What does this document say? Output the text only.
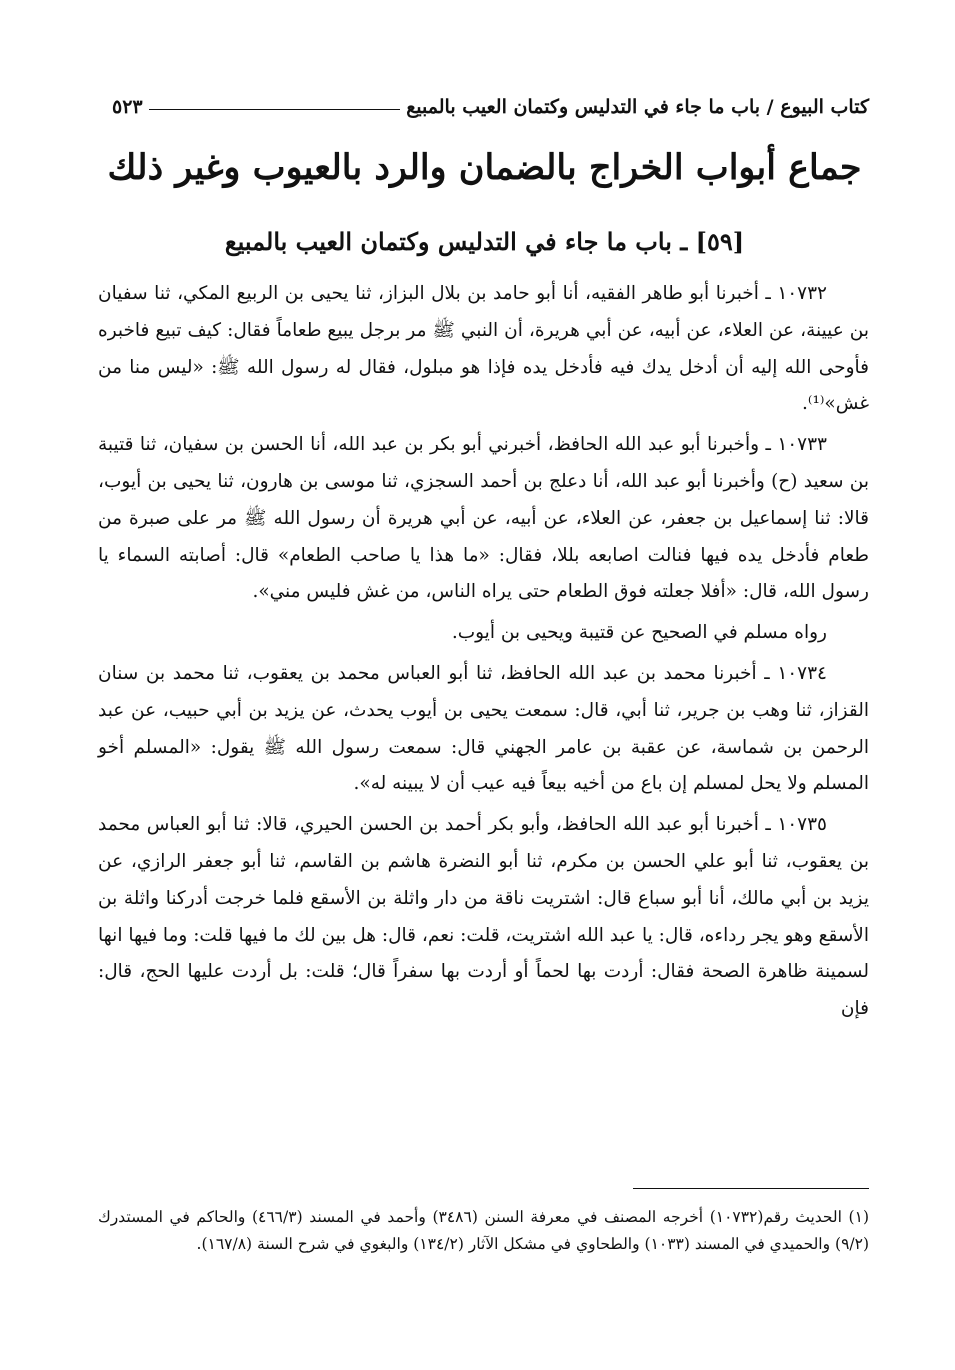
كتاب البيوع / باب ما جاء في التدليس وكتمان العيب بالمبيع
٥٢٣
جماع أبواب الخراج بالضمان والرد بالعيوب وغير ذلك
[٥٩] ـ باب ما جاء في التدليس وكتمان العيب بالمبيع

١٠٧٣٢ ـ أخبرنا أبو طاهر الفقيه، أنا أبو حامد بن بلال البزاز، ثنا يحيى بن الربيع المكي، ثنا سفيان بن عيينة، عن العلاء، عن أبيه، عن أبي هريرة، أن النبي ﷺ مر برجل يبيع طعاماً فقال: كيف تبيع فاخبره فأوحى الله إليه أن أدخل يدك فيه فأدخل يده فإذا هو مبلول، فقال له رسول الله ﷺ: «ليس منا من غش»⁽¹⁾.

١٠٧٣٣ ـ وأخبرنا أبو عبد الله الحافظ، أخبرني أبو بكر بن عبد الله، أنا الحسن بن سفيان، ثنا قتيبة بن سعيد (ح) وأخبرنا أبو عبد الله، أنا دعلج بن أحمد السجزي، ثنا موسى بن هارون، ثنا يحيى بن أيوب، قالا: ثنا إسماعيل بن جعفر، عن العلاء، عن أبيه، عن أبي هريرة أن رسول الله ﷺ مر على صبرة من طعام فأدخل يده فيها فنالت اصابعه بللا، فقال: «ما هذا يا صاحب الطعام» قال: أصابته السماء يا رسول الله، قال: «أفلا جعلته فوق الطعام حتى يراه الناس، من غش فليس مني».

رواه مسلم في الصحيح عن قتيبة ويحيى بن أيوب.

١٠٧٣٤ ـ أخبرنا محمد بن عبد الله الحافظ، ثنا أبو العباس محمد بن يعقوب، ثنا محمد بن سنان القزاز، ثنا وهب بن جرير، ثنا أبي، قال: سمعت يحيى بن أيوب يحدث، عن يزيد بن أبي حبيب، عن عبد الرحمن بن شماسة، عن عقبة بن عامر الجهني قال: سمعت رسول الله ﷺ يقول: «المسلم أخو المسلم ولا يحل لمسلم إن باع من أخيه بيعاً فيه عيب أن لا يبينه له».

١٠٧٣٥ ـ أخبرنا أبو عبد الله الحافظ، وأبو بكر أحمد بن الحسن الحيري، قالا: ثنا أبو العباس محمد بن يعقوب، ثنا أبو علي الحسن بن مكرم، ثنا أبو النضرة هاشم بن القاسم، ثنا أبو جعفر الرازي، عن يزيد بن أبي مالك، أنا أبو سباع قال: اشتريت ناقة من دار واثلة بن الأسقع فلما خرجت أدركنا واثلة بن الأسقع وهو يجر رداءه، قال: يا عبد الله اشتريت، قلت: نعم، قال: هل بين لك ما فيها قلت: وما فيها انها لسمينة ظاهرة الصحة فقال: أردت بها لحماً أو أردت بها سفراً قال؛ قلت: بل أردت عليها الحج، قال: فإن

(١) الحديث رقم(١٠٧٣٢) أخرجه المصنف في معرفة السنن (٣٤٨٦) وأحمد في المسند (٤٦٦/٣) والحاكم في المستدرك (٩/٢) والحميدي في المسند (١٠٣٣) والطحاوي في مشكل الآثار (١٣٤/٢) والبغوي في شرح السنة (١٦٧/٨).
